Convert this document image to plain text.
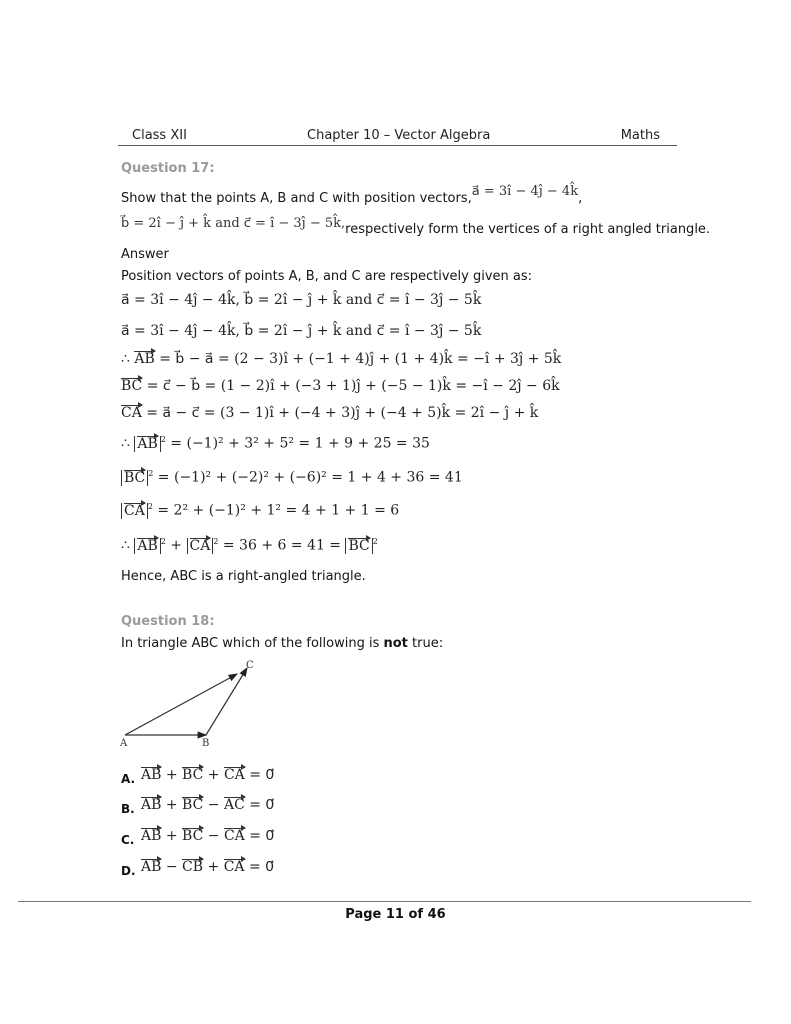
Class XII	Chapter 10 – Vector Algebra	Maths
Question 17:
Show that the points A, B and C with position vectors,a⃗ = 3î − 4ĵ − 4k̂,
b⃗ = 2î − ĵ + k̂ and c⃗ = î − 3ĵ − 5k̂,respectively form the vertices of a right angled triangle.
Answer
Position vectors of points A, B, and C are respectively given as:
a⃗ = 3î − 4ĵ − 4k̂, b⃗ = 2î − ĵ + k̂ and c⃗ = î − 3ĵ − 5k̂
a⃗ = 3î − 4ĵ − 4k̂, b⃗ = 2î − ĵ + k̂ and c⃗ = î − 3ĵ − 5k̂
∴ AB = b⃗ − a⃗ = (2 − 3)î + (−1 + 4)ĵ + (1 + 4)k̂ = −î + 3ĵ + 5k̂
BC = c⃗ − b⃗ = (1 − 2)î + (−3 + 1)ĵ + (−5 − 1)k̂ = −î − 2ĵ − 6k̂
CA = a⃗ − c⃗ = (3 − 1)î + (−4 + 3)ĵ + (−4 + 5)k̂ = 2î − ĵ + k̂
∴ AB $^2$ = (−1)² + 3² + 5² = 1 + 9 + 25 = 35
BC $^2$ = (−1)² + (−2)² + (−6)² = 1 + 4 + 36 = 41
CA $^2$ = 2² + (−1)² + 1² = 4 + 1 + 1 = 6
∴ AB $^2$ + CA $^2$ = 36 + 6 = 41 = BC $^2$
Hence, ABC is a right-angled triangle.
Question 18:
In triangle ABC which of the following is not true:
A	B
C
A. AB + BC + CA = 0⃗
B. AB + BC − AC = 0⃗
C. AB + BC − CA = 0⃗
D. AB − CB + CA = 0⃗
Page 11 of 46
